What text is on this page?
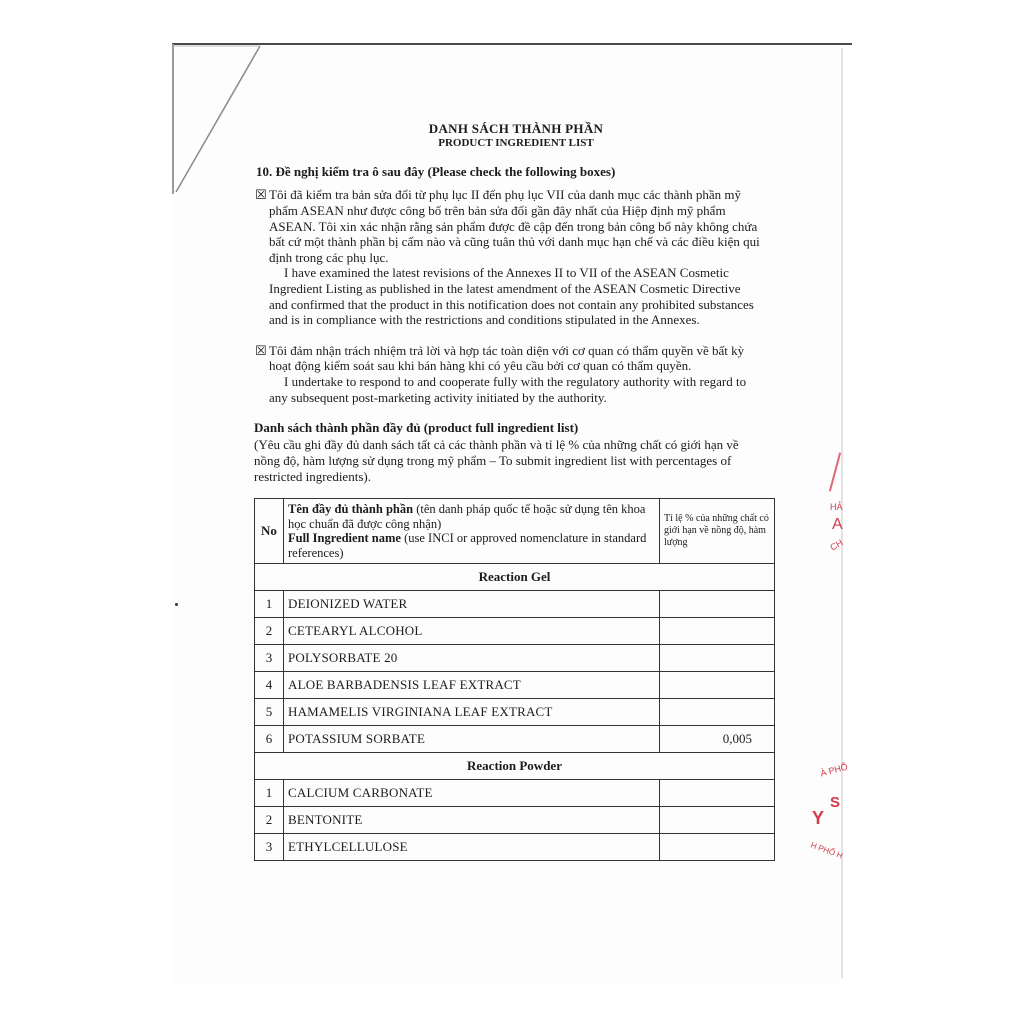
DANH SÁCH THÀNH PHẦN
PRODUCT INGREDIENT LIST
10. Đề nghị kiểm tra ô sau đây (Please check the following boxes)
☒ Tôi đã kiểm tra bản sửa đổi từ phụ lục II đến phụ lục VII của danh mục các thành phần mỹ
phẩm ASEAN như được công bố trên bản sửa đổi gần đây nhất của Hiệp định mỹ phẩm
ASEAN. Tôi xin xác nhận rằng sản phẩm được đề cập đến trong bản công bố này không chứa
bất cứ một thành phần bị cấm nào và cũng tuân thủ với danh mục hạn chế và các điều kiện qui
định trong các phụ lục.
I have examined the latest revisions of the Annexes II to VII of the ASEAN Cosmetic
Ingredient Listing as published in the latest amendment of the ASEAN Cosmetic Directive
and confirmed that the product in this notification does not contain any prohibited substances
and is in compliance with the restrictions and conditions stipulated in the Annexes.
☒ Tôi đảm nhận trách nhiệm trả lời và hợp tác toàn diện với cơ quan có thẩm quyền về bất kỳ
hoạt động kiểm soát sau khi bán hàng khi có yêu cầu bởi cơ quan có thẩm quyền.
I undertake to respond to and cooperate fully with the regulatory authority with regard to
any subsequent post-marketing activity initiated by the authority.
Danh sách thành phần đầy đủ (product full ingredient list)
(Yêu cầu ghi đầy đủ danh sách tất cả các thành phần và tỉ lệ % của những chất có giới hạn về
nồng độ, hàm lượng sử dụng trong mỹ phẩm – To submit ingredient list with percentages of
restricted ingredients).
No	Tên đầy đủ thành phần (tên danh pháp quốc tế hoặc sử dụng tên khoa học chuẩn đã được công nhận)
Full Ingredient name (use INCI or approved nomenclature in standard references)	Tỉ lệ % của những chất có giới hạn về nồng độ, hàm lượng
Reaction Gel		
1	DEIONIZED WATER	
2	CETEARYL ALCOHOL	
3	POLYSORBATE 20	
4	ALOE BARBADENSIS LEAF EXTRACT	
5	HAMAMELIS VIRGINIANA LEAF EXTRACT	
6	POTASSIUM SORBATE	0,005
Reaction Powder		
1	CALCIUM CARBONATE	
2	BENTONITE	
3	ETHYLCELLULOSE	
HẢ
A
CH
À PHỐ
S
Y
H PHỐ H
